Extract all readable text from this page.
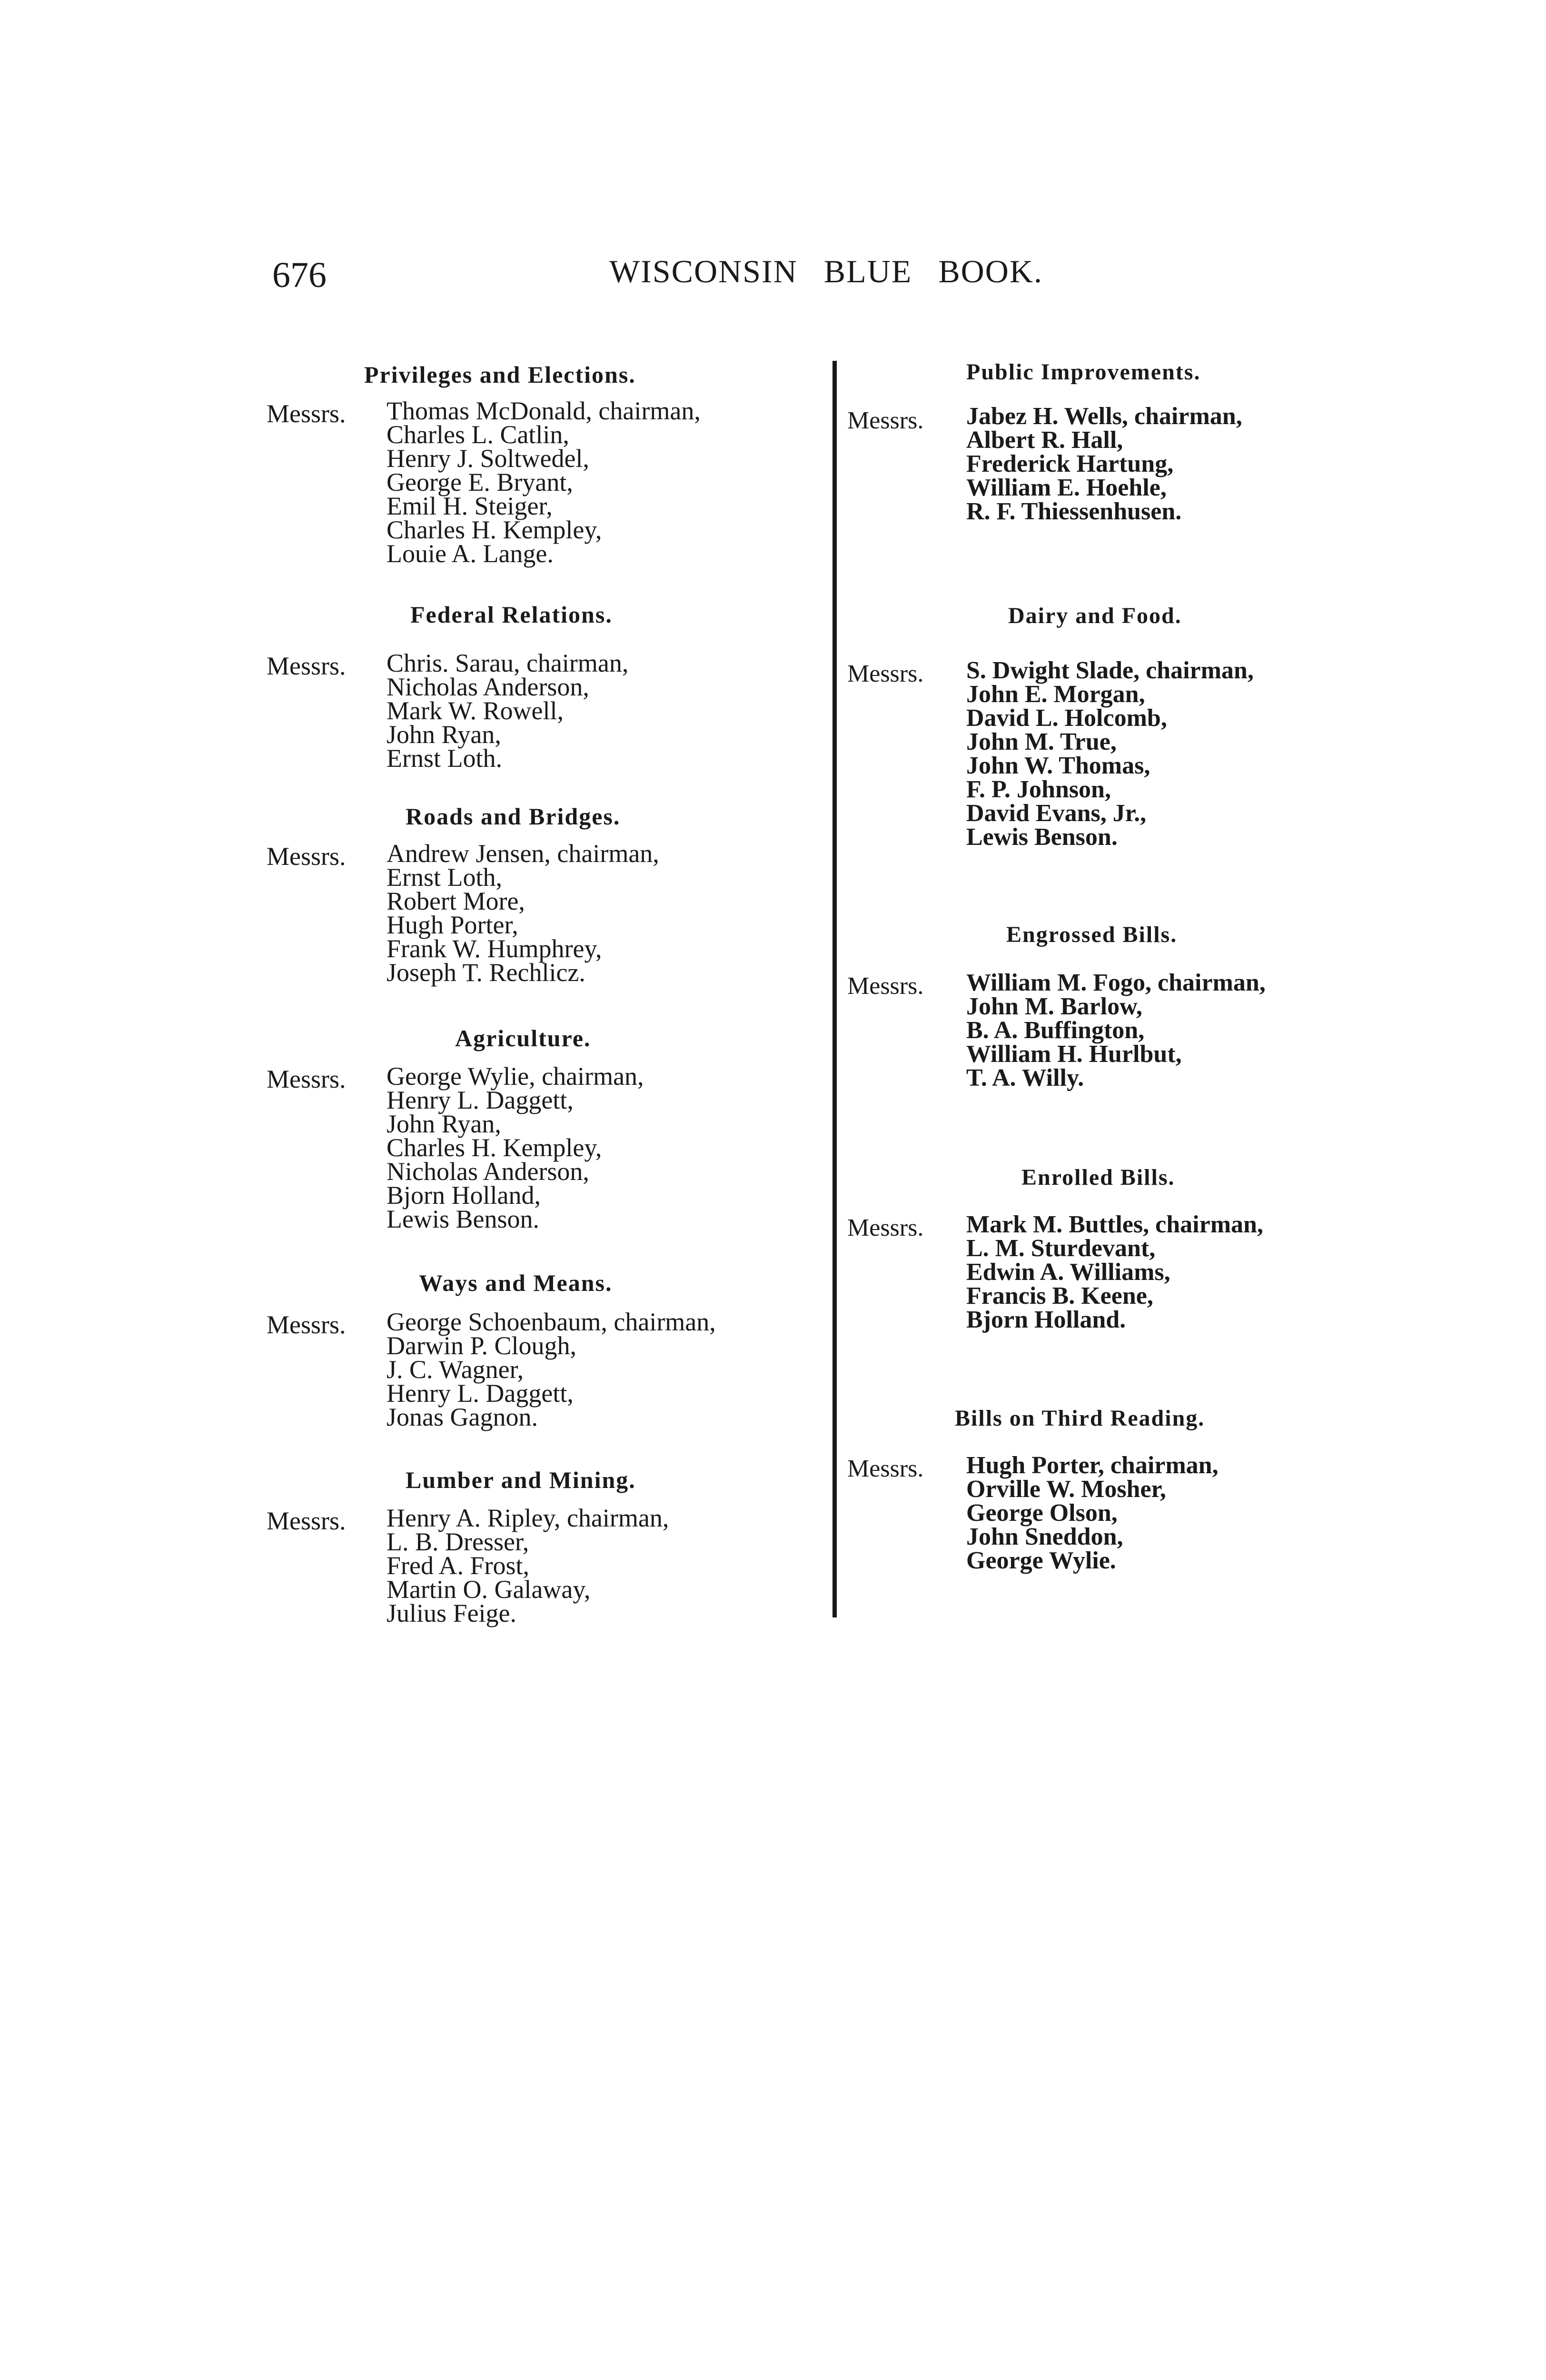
676	WISCONSIN BLUE BOOK.
Privileges and Elections.
Messrs. Thomas McDonald, chairman,
Charles L. Catlin,
Henry J. Soltwedel,
George E. Bryant,
Emil H. Steiger,
Charles H. Kempley,
Louie A. Lange.
Federal Relations.
Messrs. Chris. Sarau, chairman,
Nicholas Anderson,
Mark W. Rowell,
John Ryan,
Ernst Loth.
Roads and Bridges.
Messrs. Andrew Jensen, chairman,
Ernst Loth,
Robert More,
Hugh Porter,
Frank W. Humphrey,
Joseph T. Rechlicz.
Agriculture.
Messrs. George Wylie, chairman,
Henry L. Daggett,
John Ryan,
Charles H. Kempley,
Nicholas Anderson,
Bjorn Holland,
Lewis Benson.
Ways and Means.
Messrs. George Schoenbaum, chairman,
Darwin P. Clough,
J. C. Wagner,
Henry L. Daggett,
Jonas Gagnon.
Lumber and Mining.
Messrs. Henry A. Ripley, chairman,
L. B. Dresser,
Fred A. Frost,
Martin O. Galaway,
Julius Feige.
Public Improvements.
Messrs. Jabez H. Wells, chairman,
Albert R. Hall,
Frederick Hartung,
William E. Hoehle,
R. F. Thiessenhusen.
Dairy and Food.
Messrs. S. Dwight Slade, chairman,
John E. Morgan,
David L. Holcomb,
John M. True,
John W. Thomas,
F. P. Johnson,
David Evans, Jr.,
Lewis Benson.
Engrossed Bills.
Messrs. William M. Fogo, chairman,
John M. Barlow,
B. A. Buffington,
William H. Hurlbut,
T. A. Willy.
Enrolled Bills.
Messrs. Mark M. Buttles, chairman,
L. M. Sturdevant,
Edwin A. Williams,
Francis B. Keene,
Bjorn Holland.
Bills on Third Reading.
Messrs. Hugh Porter, chairman,
Orville W. Mosher,
George Olson,
John Sneddon,
George Wylie.
